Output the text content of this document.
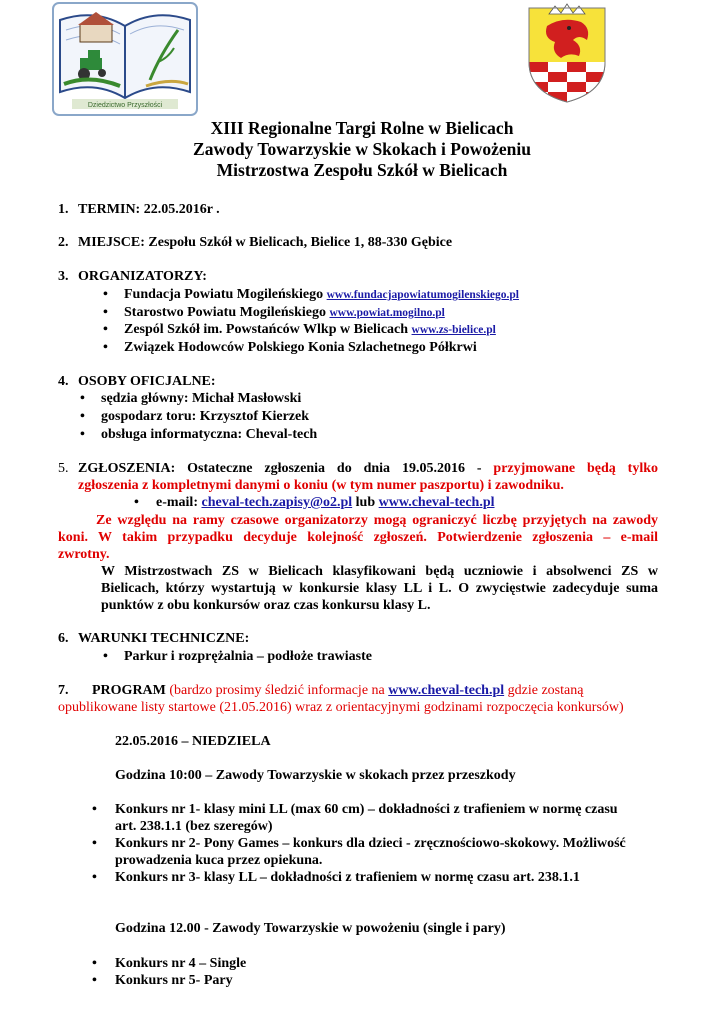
Dziedzictwo Przyszłości
XIII Regionalne Targi Rolne w Bielicach
Zawody Towarzyskie w Skokach i Powożeniu
Mistrzostwa Zespołu Szkół w Bielicach
1. TERMIN: 22.05.2016r .
2. MIEJSCE: Zespołu Szkół w Bielicach, Bielice 1, 88-330 Gębice
3. ORGANIZATORZY:
• Fundacja Powiatu Mogileńskiego www.fundacjapowiatumogilenskiego.pl
• Starostwo Powiatu Mogileńskiego www.powiat.mogilno.pl
• Zespól Szkół im. Powstańców Wlkp w Bielicach www.zs-bielice.pl
• Związek Hodowców Polskiego Konia Szlachetnego Półkrwi
4. OSOBY OFICJALNE:
• sędzia główny: Michał Masłowski
• gospodarz toru: Krzysztof Kierzek
• obsługa informatyczna: Cheval-tech
5. ZGŁOSZENIA: Ostateczne zgłoszenia do dnia 19.05.2016 - przyjmowane będą tylko
zgłoszenia z kompletnymi danymi o koniu (w tym numer paszportu) i zawodniku.
• e-mail: cheval-tech.zapisy@o2.pl lub www.cheval-tech.pl
Ze względu na ramy czasowe organizatorzy mogą ograniczyć liczbę przyjętych na zawody
koni. W takim przypadku decyduje kolejność zgłoszeń. Potwierdzenie zgłoszenia – e-mail
zwrotny.
W Mistrzostwach ZS w Bielicach klasyfikowani będą uczniowie i absolwenci ZS w
Bielicach, którzy wystartują w konkursie klasy LL i L. O zwycięstwie zadecyduje suma
punktów z obu konkursów oraz czas konkursu klasy L.
6. WARUNKI TECHNICZNE:
• Parkur i rozprężalnia – podłoże trawiaste
7. PROGRAM (bardzo prosimy śledzić informacje na www.cheval-tech.pl gdzie zostaną
opublikowane listy startowe (21.05.2016) wraz z orientacyjnymi godzinami rozpoczęcia konkursów)
22.05.2016 – NIEDZIELA
Godzina 10:00 – Zawody Towarzyskie w skokach przez przeszkody
• Konkurs nr 1- klasy mini LL (max 60 cm) – dokładności z trafieniem w normę czasu
art. 238.1.1 (bez szeregów)
• Konkurs nr 2- Pony Games – konkurs dla dzieci - zręcznościowo-skokowy. Możliwość
prowadzenia kuca przez opiekuna.
• Konkurs nr 3- klasy LL – dokładności z trafieniem w normę czasu art. 238.1.1
Godzina 12.00 - Zawody Towarzyskie w powożeniu (single i pary)
• Konkurs nr 4 – Single
• Konkurs nr 5- Pary
